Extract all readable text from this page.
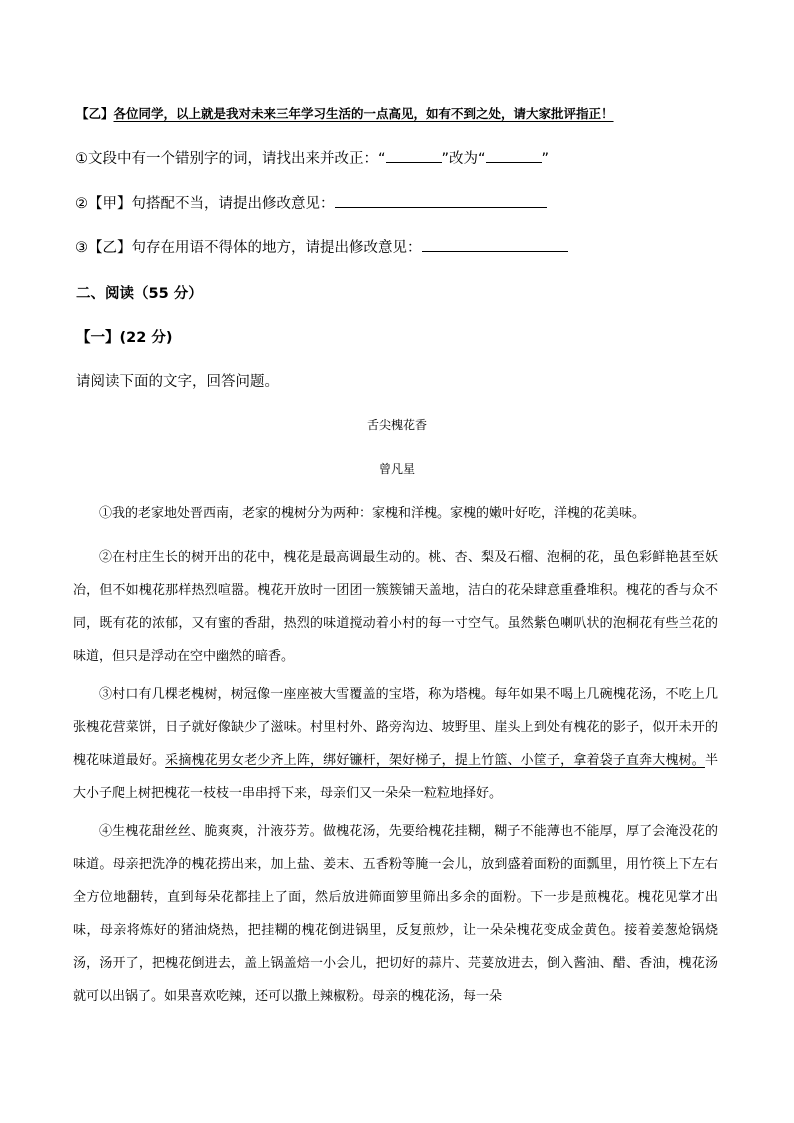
【乙】各位同学，以上就是我对未来三年学习生活的一点高见，如有不到之处，请大家批评指正！
①文段中有一个错别字的词，请找出来并改正：“	”改为“	”
②【甲】句搭配不当，请提出修改意见：
③【乙】句存在用语不得体的地方，请提出修改意见：
二、阅读（55 分）
【一】(22 分)
请阅读下面的文字，回答问题。
舌尖槐花香
曾凡星
①我的老家地处晋西南，老家的槐树分为两种：家槐和洋槐。家槐的嫩叶好吃，洋槐的花美味。
②在村庄生长的树开出的花中，槐花是最高调最生动的。桃、杏、梨及石榴、泡桐的花，虽色彩鲜艳甚至妖冶，但不如槐花那样热烈喧嚣。槐花开放时一团团一簇簇铺天盖地，洁白的花朵肆意重叠堆积。槐花的香与众不同，既有花的浓郁，又有蜜的香甜，热烈的味道搅动着小村的每一寸空气。虽然紫色喇叭状的泡桐花有些兰花的味道，但只是浮动在空中幽然的暗香。
③村口有几棵老槐树，树冠像一座座被大雪覆盖的宝塔，称为塔槐。每年如果不喝上几碗槐花汤，不吃上几张槐花营菜饼，日子就好像缺少了滋味。村里村外、路旁沟边、坡野里、崖头上到处有槐花的影子，似开未开的槐花味道最好。采摘槐花男女老少齐上阵，绑好镰杆，架好梯子，提上竹篮、小筐子，拿着袋子直奔大槐树。半大小子爬上树把槐花一枝枝一串串捋下来，母亲们又一朵朵一粒粒地择好。
④生槐花甜丝丝、脆爽爽，汁液芬芳。做槐花汤，先要给槐花挂糊，糊子不能薄也不能厚，厚了会淹没花的味道。母亲把洗净的槐花捞出来，加上盐、姜末、五香粉等腌一会儿，放到盛着面粉的面瓢里，用竹筷上下左右全方位地翻转，直到每朵花都挂上了面，然后放进筛面箩里筛出多余的面粉。下一步是煎槐花。槐花见掌才出味，母亲将炼好的猪油烧热，把挂糊的槐花倒进锅里，反复煎炒，让一朵朵槐花变成金黄色。接着姜葱炝锅烧汤，汤开了，把槐花倒进去，盖上锅盖焙一小会儿，把切好的蒜片、芫荽放进去，倒入酱油、醋、香油，槐花汤就可以出锅了。如果喜欢吃辣，还可以撒上辣椒粉。母亲的槐花汤，每一朵
